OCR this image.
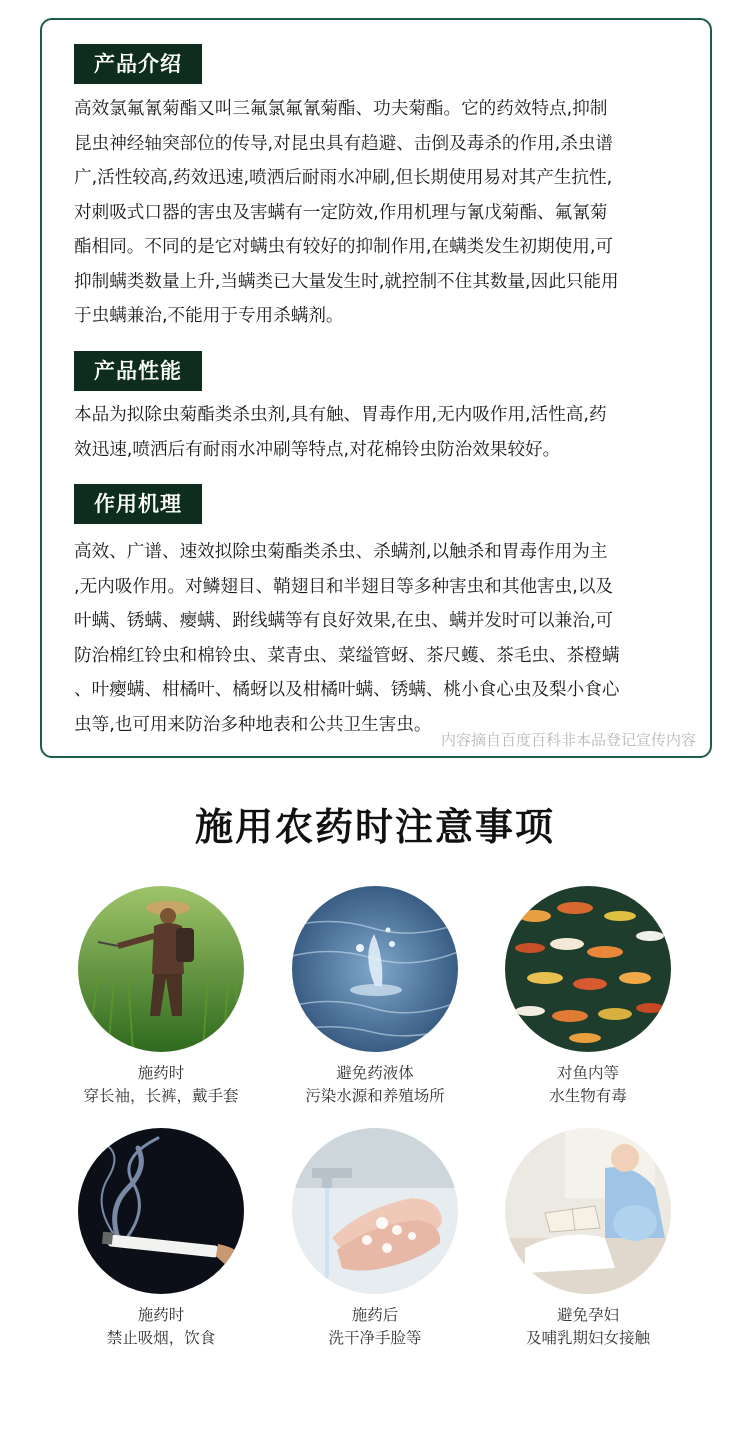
产品介绍
高效氯氟氰菊酯又叫三氟氯氟氰菊酯、功夫菊酯。它的药效特点,抑制
昆虫神经轴突部位的传导,对昆虫具有趋避、击倒及毒杀的作用,杀虫谱
广,活性较高,药效迅速,喷洒后耐雨水冲刷,但长期使用易对其产生抗性,
对刺吸式口器的害虫及害螨有一定防效,作用机理与氰戊菊酯、氟氰菊
酯相同。不同的是它对螨虫有较好的抑制作用,在螨类发生初期使用,可
抑制螨类数量上升,当螨类已大量发生时,就控制不住其数量,因此只能用
于虫螨兼治,不能用于专用杀螨剂。
产品性能
本品为拟除虫菊酯类杀虫剂,具有触、胃毒作用,无内吸作用,活性高,药
效迅速,喷洒后有耐雨水冲刷等特点,对花棉铃虫防治效果较好。
作用机理
高效、广谱、速效拟除虫菊酯类杀虫、杀螨剂,以触杀和胃毒作用为主
,无内吸作用。对鳞翅目、鞘翅目和半翅目等多种害虫和其他害虫,以及
叶螨、锈螨、瘿螨、跗线螨等有良好效果,在虫、螨并发时可以兼治,可
防治棉红铃虫和棉铃虫、菜青虫、菜缢管蚜、茶尺蠖、茶毛虫、茶橙螨
、叶瘿螨、柑橘叶、橘蚜以及柑橘叶螨、锈螨、桃小食心虫及梨小食心
虫等,也可用来防治多种地表和公共卫生害虫。
内容摘自百度百科非本品登记宣传内容
施用农药时注意事项
施药时
穿长袖，长裤，戴手套
避免药液体
污染水源和养殖场所
对鱼内等
水生物有毒
施药时
禁止吸烟，饮食
施药后
洗干净手脸等
避免孕妇
及哺乳期妇女接触
